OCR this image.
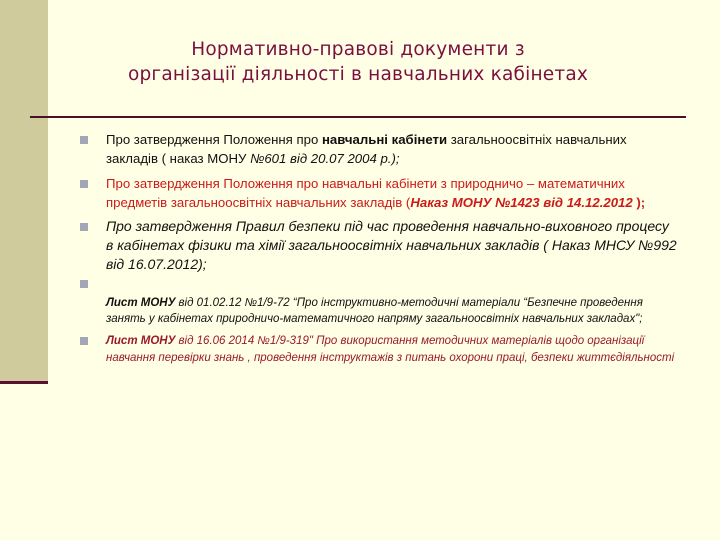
Нормативно-правові документи з
організації діяльності в навчальних кабінетах
Про затвердження Положення про навчальні кабінети загальноосвітніх навчальних закладів ( наказ МОНУ №601 від 20.07 2004 р.);
Про затвердження Положення про навчальні кабінети з природничо – математичних предметів загальноосвітніх навчальних закладів (Наказ МОНУ №1423 від 14.12.2012 );
Про затвердження Правил безпеки під час проведення навчально-виховного процесу в кабінетах фізики та хімії загальноосвітніх навчальних закладів ( Наказ МНСУ №992 від 16.07.2012);
Лист МОНУ від 01.02.12 №1/9-72 “Про інструктивно-методичні матеріали “Безпечне проведення занять у кабінетах природничо-математичного напряму загальноосвітніх навчальних закладах";
Лист МОНУ від 16.06 2014 №1/9-319" Про використання методичних матеріалів щодо організації навчання перевірки знань , проведення інструктажів з питань охорони праці, безпеки життєдіяльності
